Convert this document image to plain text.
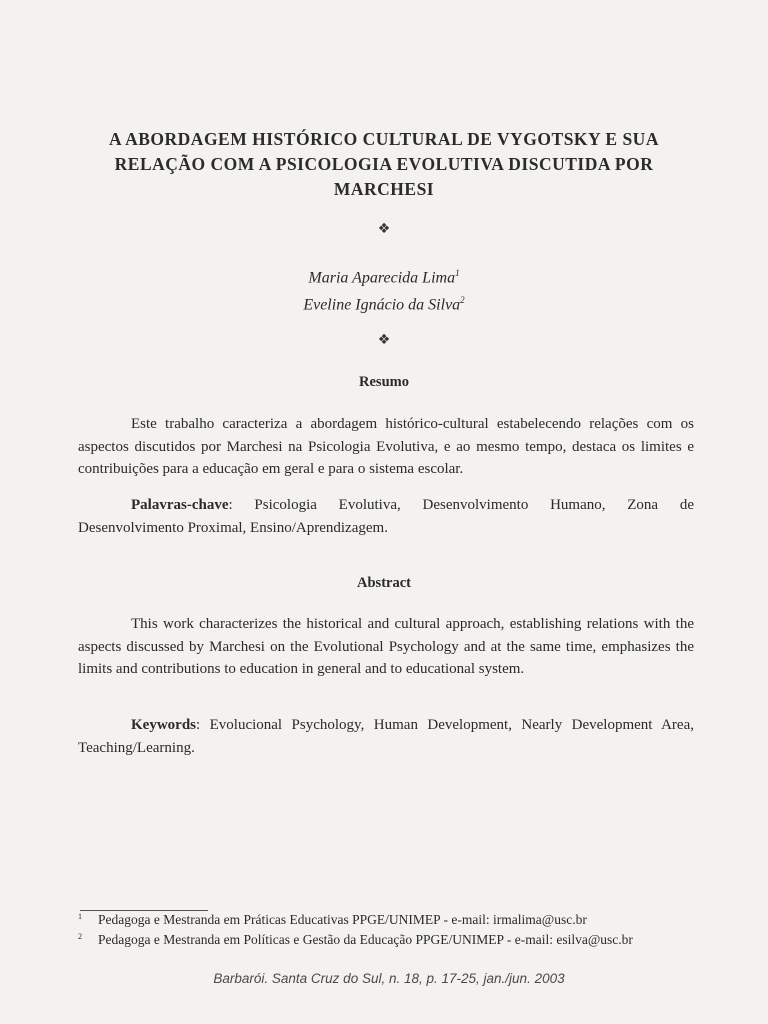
A ABORDAGEM HISTÓRICO CULTURAL DE VYGOTSKY E SUA
RELAÇÃO COM A PSICOLOGIA EVOLUTIVA DISCUTIDA POR
MARCHESI
❖
Maria Aparecida Lima$^1$
Eveline Ignácio da Silva$^2$
❖
Resumo

Este trabalho caracteriza a abordagem histórico-cultural estabelecendo relações com os aspectos discutidos por Marchesi na Psicologia Evolutiva, e ao mesmo tempo, destaca os limites e contribuições para a educação em geral e para o sistema escolar.

Palavras-chave: Psicologia Evolutiva, Desenvolvimento Humano, Zona de Desenvolvimento Proximal, Ensino/Aprendizagem.

Abstract

This work characterizes the historical and cultural approach, establishing relations with the aspects discussed by Marchesi on the Evolutional Psychology and at the same time, emphasizes the limits and contributions to education in general and to educational system.

Keywords: Evolucional Psychology, Human Development, Nearly Development Area, Teaching/Learning.

1 Pedagoga e Mestranda em Práticas Educativas PPGE/UNIMEP - e-mail: irmalima@usc.br

2 Pedagoga e Mestranda em Políticas e Gestão da Educação PPGE/UNIMEP - e-mail: esilva@usc.br

Barbarói. Santa Cruz do Sul, n. 18, p. 17-25, jan./jun. 2003
